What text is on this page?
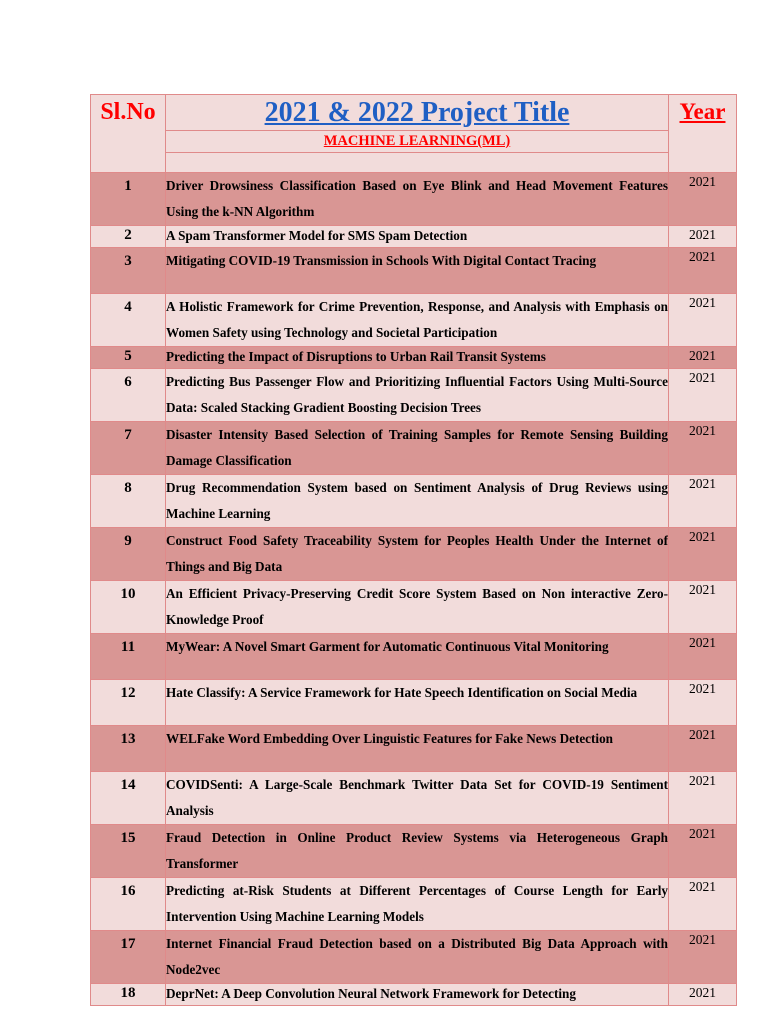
Sl.No	2021 & 2022 Project Title	Year
	MACHINE LEARNING(ML)	

1	Driver Drowsiness Classification Based on Eye Blink and Head Movement Features Using the k-NN Algorithm	2021
2	A Spam Transformer Model for SMS Spam Detection	2021
3	Mitigating COVID-19 Transmission in Schools With Digital Contact Tracing	2021
4	A Holistic Framework for Crime Prevention, Response, and Analysis with Emphasis on Women Safety using Technology and Societal Participation	2021
5	Predicting the Impact of Disruptions to Urban Rail Transit Systems	2021
6	Predicting Bus Passenger Flow and Prioritizing Influential Factors Using Multi-Source Data: Scaled Stacking Gradient Boosting Decision Trees	2021
7	Disaster Intensity Based Selection of Training Samples for Remote Sensing Building Damage Classification	2021
8	Drug Recommendation System based on Sentiment Analysis of Drug Reviews using Machine Learning	2021
9	Construct Food Safety Traceability System for Peoples Health Under the Internet of Things and Big Data	2021
10	An Efficient Privacy-Preserving Credit Score System Based on Non interactive Zero-Knowledge Proof	2021
11	MyWear: A Novel Smart Garment for Automatic Continuous Vital Monitoring	2021
12	Hate Classify: A Service Framework for Hate Speech Identification on Social Media	2021
13	WELFake Word Embedding Over Linguistic Features for Fake News Detection	2021
14	COVIDSenti: A Large-Scale Benchmark Twitter Data Set for COVID-19 Sentiment Analysis	2021
15	Fraud Detection in Online Product Review Systems via Heterogeneous Graph Transformer	2021
16	Predicting at-Risk Students at Different Percentages of Course Length for Early Intervention Using Machine Learning Models	2021
17	Internet Financial Fraud Detection based on a Distributed Big Data Approach with Node2vec	2021
18	DeprNet: A Deep Convolution Neural Network Framework for Detecting	2021
